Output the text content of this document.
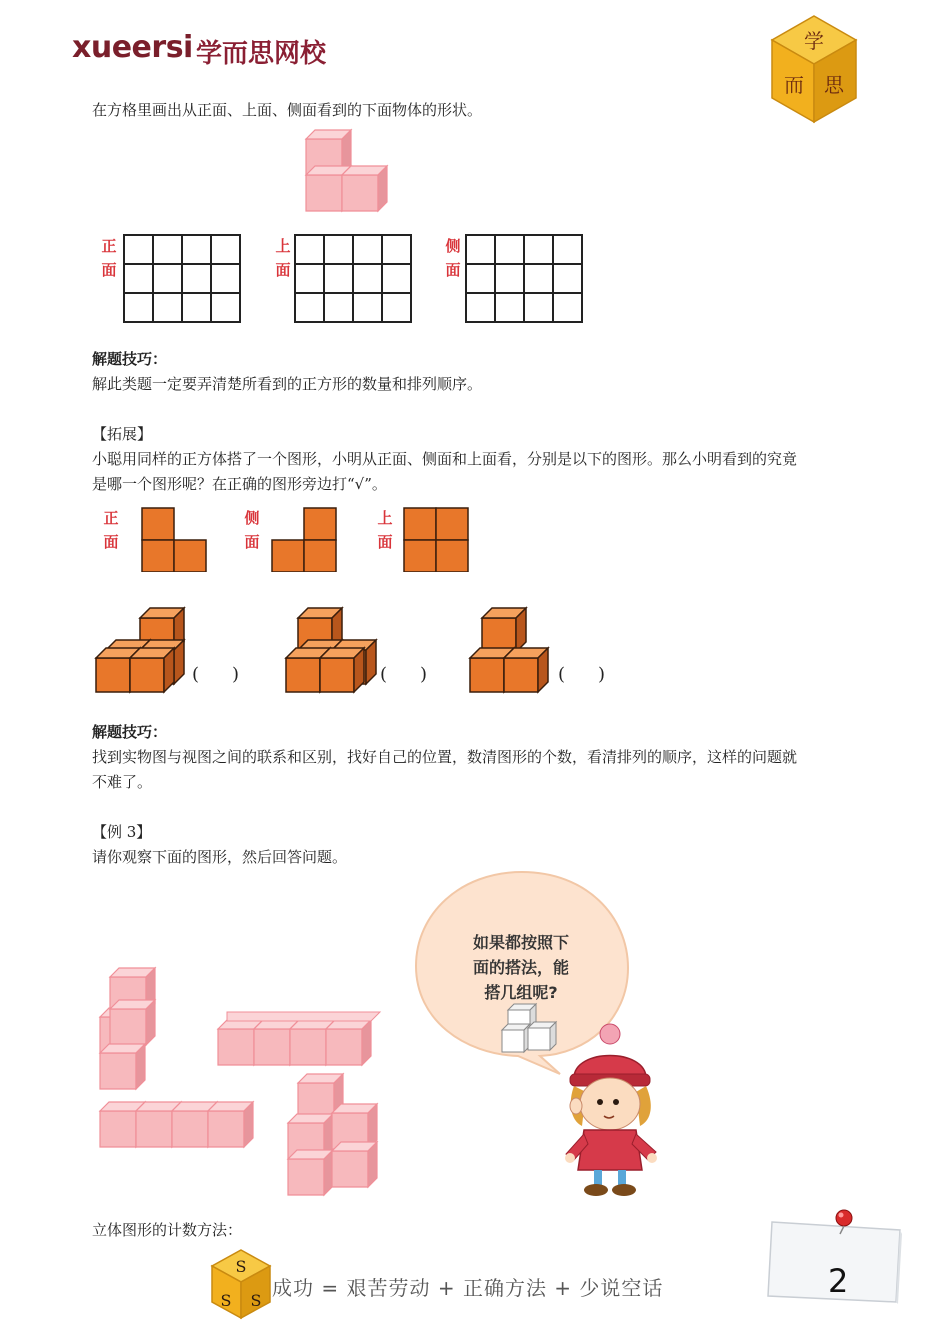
xueersi 学而思网校	学
而 思
在方格里画出从正面、上面、侧面看到的下面物体的形状。
正
面
上
面
侧
面
解题技巧：
解此类题一定要弄清楚所看到的正方形的数量和排列顺序。
【拓展】
小聪用同样的正方体搭了一个图形，小明从正面、侧面和上面看，分别是以下的图形。那么小明看到的究竟
是哪一个图形呢？在正确的图形旁边打“√”。
正
面
侧
面
上
面
( )	( )	( )
解题技巧：
找到实物图与视图之间的联系和区别，找好自己的位置，数清图形的个数，看清排列的顺序，这样的问题就
不难了。
【例 3】
请你观察下面的图形，然后回答问题。
如果都按照下
面的搭法，能
搭几组呢?
立体图形的计数方法：
S
S S
成功 = 艰苦劳动 + 正确方法 + 少说空话	2
